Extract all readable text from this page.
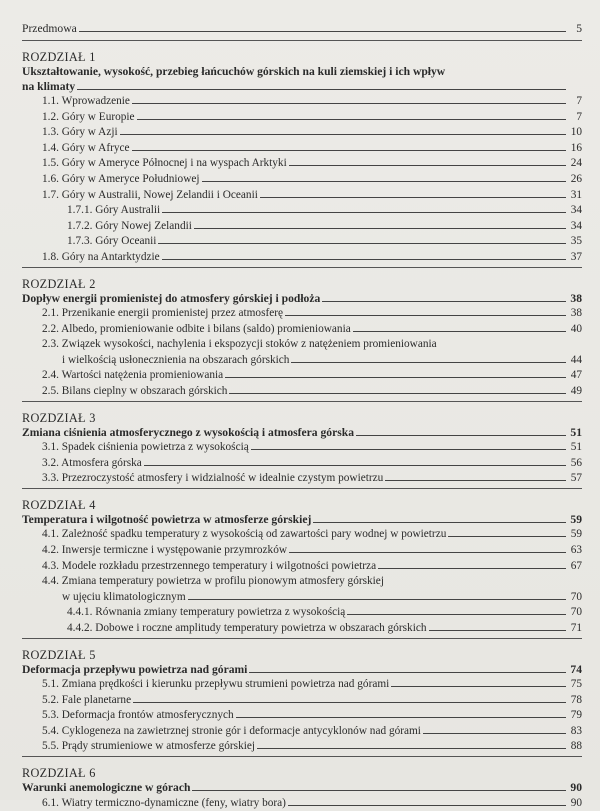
Przedmowa	5
ROZDZIAŁ 1
Ukształtowanie, wysokość, przebieg łańcuchów górskich na kuli ziemskiej i ich wpływ
na klimaty
1.1. Wprowadzenie	7
1.2. Góry w Europie	7
1.3. Góry w Azji	10
1.4. Góry w Afryce	16
1.5. Góry w Ameryce Północnej i na wyspach Arktyki	24
1.6. Góry w Ameryce Południowej	26
1.7. Góry w Australii, Nowej Zelandii i Oceanii	31
1.7.1. Góry Australii	34
1.7.2. Góry Nowej Zelandii	34
1.7.3. Góry Oceanii	35
1.8. Góry na Antarktydzie	37
ROZDZIAŁ 2
Dopływ energii promienistej do atmosfery górskiej i podłoża	38
2.1. Przenikanie energii promienistej przez atmosferę	38
2.2. Albedo, promieniowanie odbite i bilans (saldo) promieniowania	40
2.3. Związek wysokości, nachylenia i ekspozycji stoków z natężeniem promieniowania
i wielkością usłonecznienia na obszarach górskich	44
2.4. Wartości natężenia promieniowania	47
2.5. Bilans cieplny w obszarach górskich	49
ROZDZIAŁ 3
Zmiana ciśnienia atmosferycznego z wysokością i atmosfera górska	51
3.1. Spadek ciśnienia powietrza z wysokością	51
3.2. Atmosfera górska	56
3.3. Przezroczystość atmosfery i widzialność w idealnie czystym powietrzu	57
ROZDZIAŁ 4
Temperatura i wilgotność powietrza w atmosferze górskiej	59
4.1. Zależność spadku temperatury z wysokością od zawartości pary wodnej w powietrzu	59
4.2. Inwersje termiczne i występowanie przymrozków	63
4.3. Modele rozkładu przestrzennego temperatury i wilgotności powietrza	67
4.4. Zmiana temperatury powietrza w profilu pionowym atmosfery górskiej
w ujęciu klimatologicznym	70
4.4.1. Równania zmiany temperatury powietrza z wysokością	70
4.4.2. Dobowe i roczne amplitudy temperatury powietrza w obszarach górskich	71
ROZDZIAŁ 5
Deformacja przepływu powietrza nad górami	74
5.1. Zmiana prędkości i kierunku przepływu strumieni powietrza nad górami	75
5.2. Fale planetarne	78
5.3. Deformacja frontów atmosferycznych	79
5.4. Cyklogeneza na zawietrznej stronie gór i deformacje antycyklonów nad górami	83
5.5. Prądy strumieniowe w atmosferze górskiej	88
ROZDZIAŁ 6
Warunki anemologiczne w górach	90
6.1. Wiatry termiczno-dynamiczne (feny, wiatry bora)	90
